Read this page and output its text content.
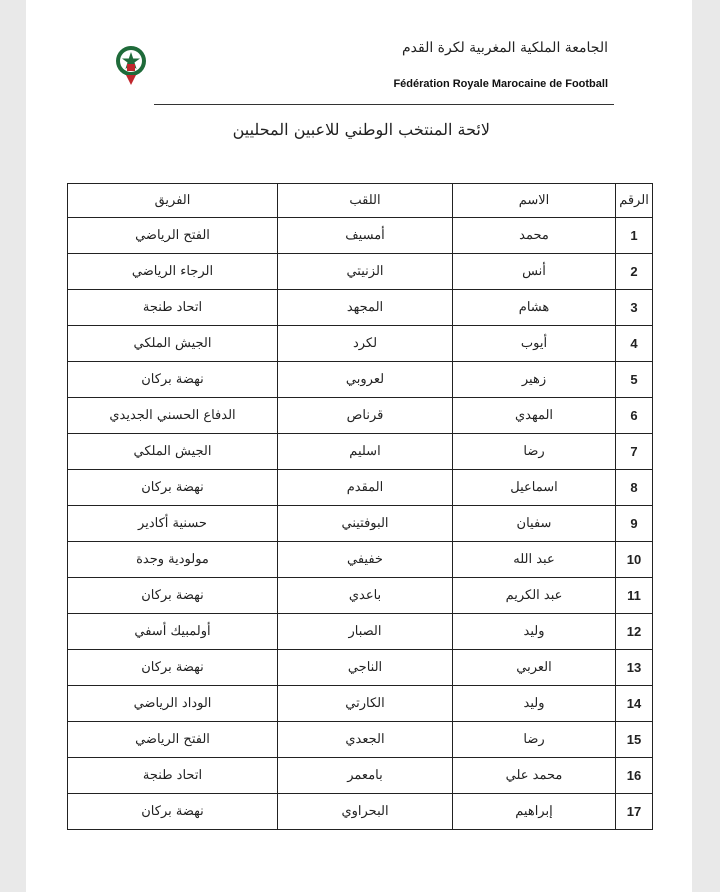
الجامعة الملكية المغربية لكرة القدم
Fédération Royale Marocaine de Football
لائحة المنتخب الوطني للاعبين المحليين
الفريق	اللقب	الاسم	الرقم
الفتح الرياضي	أمسيف	محمد	1
الرجاء الرياضي	الزنيتي	أنس	2
اتحاد طنجة	المجهد	هشام	3
الجيش الملكي	لكرد	أيوب	4
نهضة بركان	لعروبي	زهير	5
الدفاع الحسني الجديدي	قرناص	المهدي	6
الجيش الملكي	اسليم	رضا	7
نهضة بركان	المقدم	اسماعيل	8
حسنية أكادير	البوفتيني	سفيان	9
مولودية وجدة	خفيفي	عبد الله	10
نهضة بركان	باعدي	عبد الكريم	11
أولمبيك أسفي	الصبار	وليد	12
نهضة بركان	الناجي	العربي	13
الوداد الرياضي	الكارتي	وليد	14
الفتح الرياضي	الجعدي	رضا	15
اتحاد طنجة	بامعمر	محمد علي	16
نهضة بركان	البحراوي	إبراهيم	17
